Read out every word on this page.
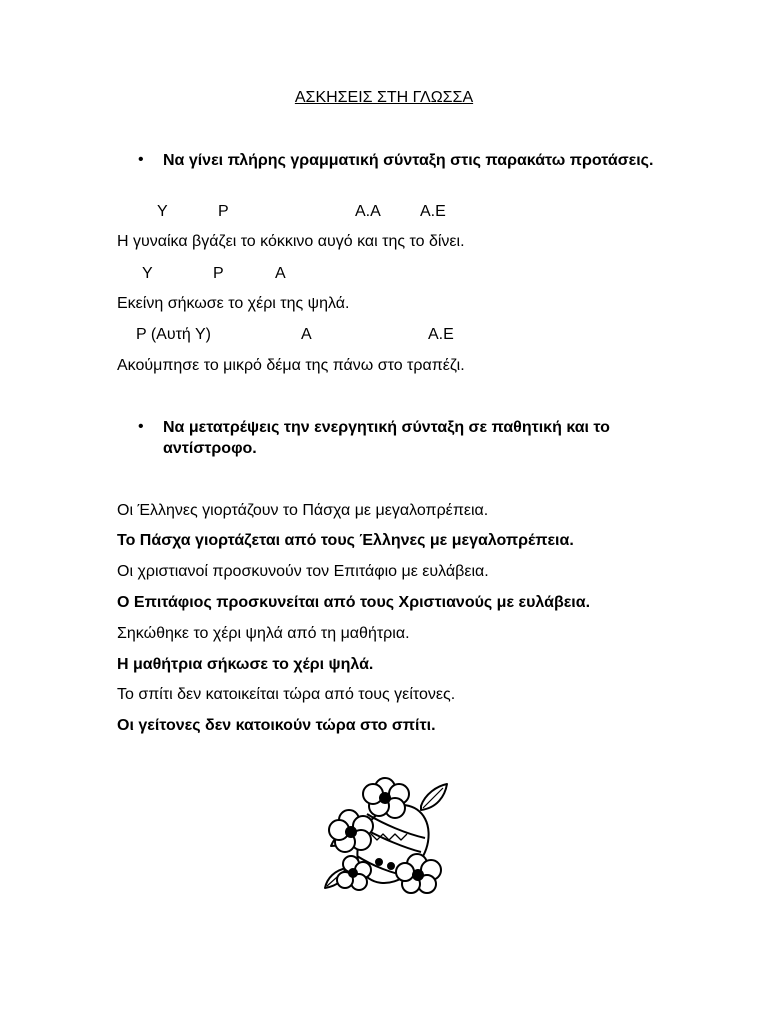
ΑΣΚΗΣΕΙΣ ΣΤΗ ΓΛΩΣΣΑ
• Να γίνει πλήρης γραμματική σύνταξη στις παρακάτω προτάσεις.
Υ	Ρ	Α.Α Α.Ε
Η γυναίκα βγάζει το κόκκινο αυγό και της το δίνει.
Υ	Ρ	Α
Εκείνη σήκωσε το χέρι της ψηλά.
Ρ (Αυτή Υ)	Α	Α.Ε
Ακούμπησε το μικρό δέμα της πάνω στο τραπέζι.
• Να μετατρέψεις την ενεργητική σύνταξη σε παθητική και το αντίστροφο.
Οι Έλληνες γιορτάζουν το Πάσχα με μεγαλοπρέπεια.
Το Πάσχα γιορτάζεται από τους Έλληνες με μεγαλοπρέπεια.
Οι χριστιανοί προσκυνούν τον Επιτάφιο με ευλάβεια.
Ο Επιτάφιος προσκυνείται από τους Χριστιανούς με ευλάβεια.
Σηκώθηκε το χέρι ψηλά από τη μαθήτρια.
Η μαθήτρια σήκωσε το χέρι ψηλά.
Το σπίτι δεν κατοικείται τώρα από τους γείτονες.
Οι γείτονες δεν κατοικούν τώρα στο σπίτι.
